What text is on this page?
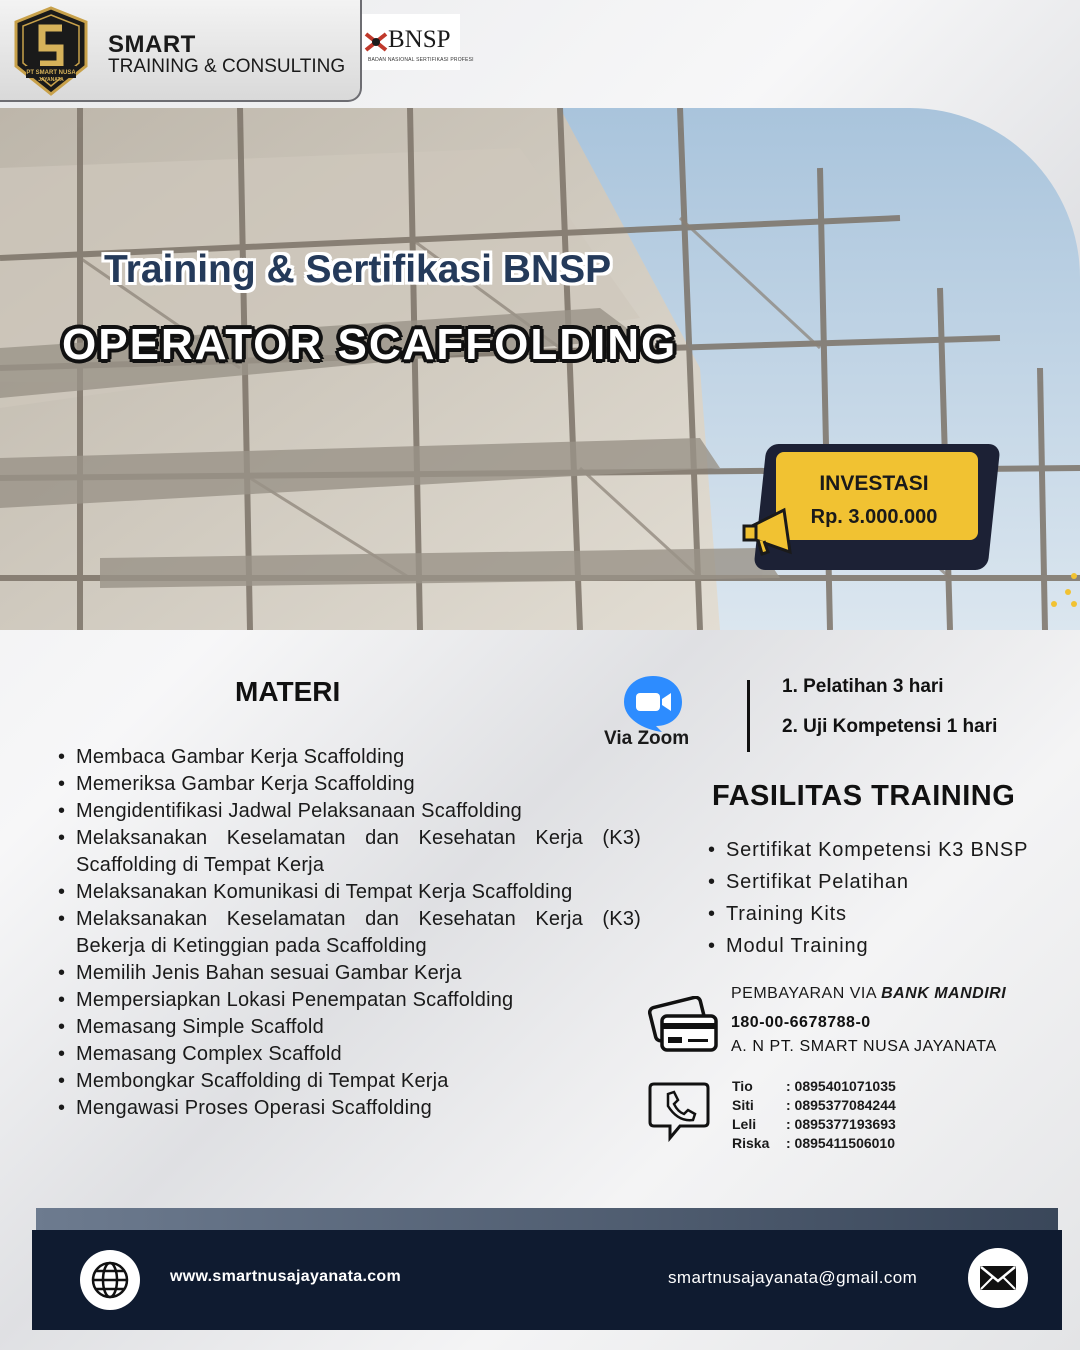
PT SMART NUSA
JAYANATA
SMART
TRAINING & CONSULTING
BNSP
BADAN NASIONAL SERTIFIKASI PROFESI
Training & Sertifikasi BNSP
OPERATOR SCAFFOLDING
INVESTASI
Rp. 3.000.000
MATERI
• Membaca Gambar Kerja Scaffolding
• Memeriksa Gambar Kerja Scaffolding
• Mengidentifikasi Jadwal Pelaksanaan Scaffolding
• Melaksanakan Keselamatan dan Kesehatan Kerja (K3) Scaffolding di Tempat Kerja
• Melaksanakan Komunikasi di Tempat Kerja Scaffolding
• Melaksanakan Keselamatan dan Kesehatan Kerja (K3) Bekerja di Ketinggian pada Scaffolding
• Memilih Jenis Bahan sesuai Gambar Kerja
• Mempersiapkan Lokasi Penempatan Scaffolding
• Memasang Simple Scaffold
• Memasang Complex Scaffold
• Membongkar Scaffolding di Tempat Kerja
• Mengawasi Proses Operasi Scaffolding
Via Zoom
1. Pelatihan 3 hari
2. Uji Kompetensi 1 hari
FASILITAS TRAINING
• Sertifikat Kompetensi K3 BNSP
• Sertifikat Pelatihan
• Training Kits
• Modul Training
PEMBAYARAN VIA BANK MANDIRI
180-00-6678788-0
A. N PT. SMART NUSA JAYANATA
Tio	: 0895401071035
Siti	: 0895377084244
Leli	: 0895377193693
Riska	: 0895411506010
www.smartnusajayanata.com	smartnusajayanata@gmail.com
